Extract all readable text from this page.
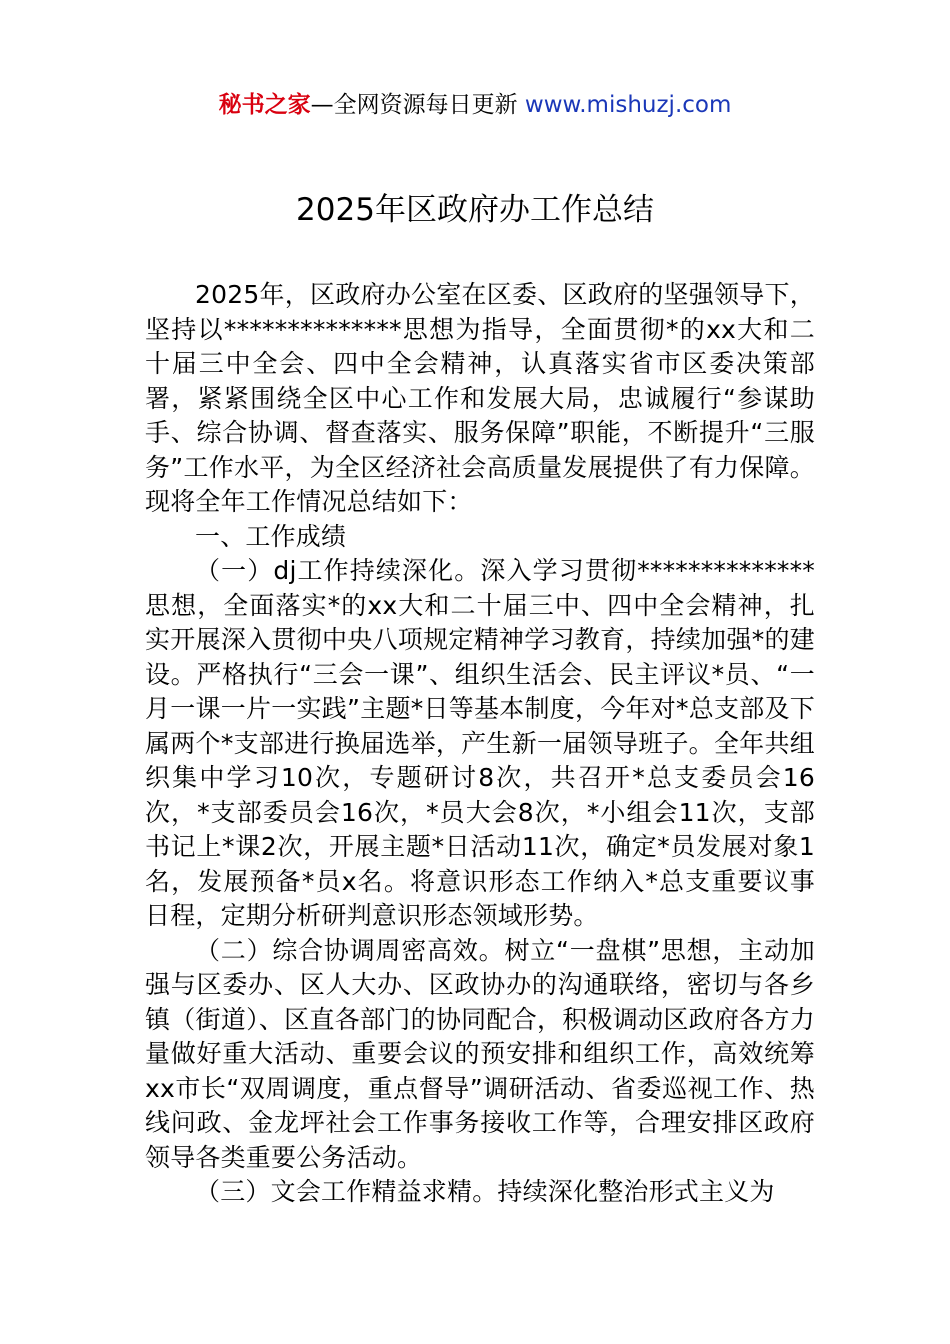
秘书之家—全网资源每日更新 www.mishuzj.com
2025年区政府办工作总结

2025年，区政府办公室在区委、区政府的坚强领导下，坚持以**************思想为指导，全面贯彻*的xx大和二十届三中全会、四中全会精神，认真落实省市区委决策部署，紧紧围绕全区中心工作和发展大局，忠诚履行“参谋助手、综合协调、督查落实、服务保障”职能，不断提升“三服务”工作水平，为全区经济社会高质量发展提供了有力保障。现将全年工作情况总结如下：

一、工作成绩

（一）dj工作持续深化。深入学习贯彻**************思想，全面落实*的xx大和二十届三中、四中全会精神，扎实开展深入贯彻中央八项规定精神学习教育，持续加强*的建设。严格执行“三会一课”、组织生活会、民主评议*员、“一月一课一片一实践”主题*日等基本制度，今年对*总支部及下属两个*支部进行换届选举，产生新一届领导班子。全年共组织集中学习10次，专题研讨8次，共召开*总支委员会16次，*支部委员会16次，*员大会8次，*小组会11次，支部书记上*课2次，开展主题*日活动11次，确定*员发展对象1名，发展预备*员x名。将意识形态工作纳入*总支重要议事日程，定期分析研判意识形态领域形势。

（二）综合协调周密高效。树立“一盘棋”思想，主动加强与区委办、区人大办、区政协办的沟通联络，密切与各乡镇（街道）、区直各部门的协同配合，积极调动区政府各方力量做好重大活动、重要会议的预安排和组织工作，高效统筹xx市长“双周调度，重点督导”调研活动、省委巡视工作、热线问政、金龙坪社会工作事务接收工作等，合理安排区政府领导各类重要公务活动。

（三）文会工作精益求精。持续深化整治形式主义为
